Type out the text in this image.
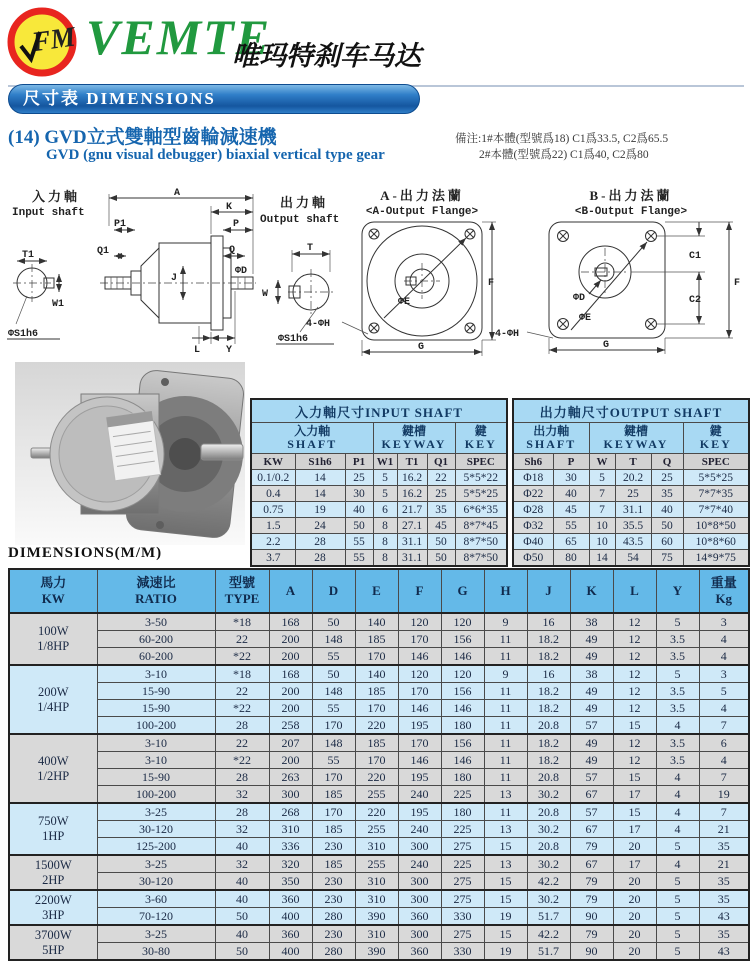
FM VEMTE
唯玛特刹车马达
尺寸表 DIMENSIONS
(14) GVD立式雙軸型齒輪減速機
GVD (gnu visual debugger) biaxial vertical type gear
備注:1#本體(型號爲18) C1爲33.5, C2爲65.5
2#本體(型號爲22) C1爲40, C2爲80
入力軸
Input shaft
T1
W1
ΦS1h6
A
K
P1
Q1
P
Q
J
ΦD
L	Y
出力軸
Output shaft
T
W
ΦS1h6
A-出力法蘭
<A-Output Flange>
ΦE
F
G
4-ΦH
B-出力法蘭
<B-Output Flange>
ΦD
ΦE
C1
C2
F
G
4-ΦH
DIMENSIONS(M/M)
入力軸尺寸INPUT SHAFT						

入力軸
SHAFT

鍵槽
KEYWAY

鍵
KEY

KW	S1h6	P1	W1	T1	Q1	SPEC
0.1/0.2	14	25	5	16.2	22	5*5*22
0.4	14	30	5	16.2	25	5*5*25
0.75	19	40	6	21.7	35	6*6*35
1.5	24	50	8	27.1	45	8*7*45
2.2	28	55	8	31.1	50	8*7*50
3.7	28	55	8	31.1	50	8*7*50
出力軸尺寸OUTPUT SHAFT					

出力軸
SHAFT

鍵槽
KEYWAY

鍵
KEY

Sh6	P	W	T	Q	SPEC
Φ18	30	5	20.2	25	5*5*25
Φ22	40	7	25	35	7*7*35
Φ28	45	7	31.1	40	7*7*40
Φ32	55	10	35.5	50	10*8*50
Φ40	65	10	43.5	60	10*8*60
Φ50	80	14	54	75	14*9*75
馬力
KW

減速比
RATIO

型號
TYPE

A	D	E	F	G	H	J	K	L	Y

重量
Kg

100W
1/8HP	3-50	*18	168	50	140	120	120	9	16	38	12	5	3
	60-200	22	200	148	185	170	156	11	18.2	49	12	3.5	4
	60-200	*22	200	55	170	146	146	11	18.2	49	12	3.5	4

200W
1/4HP	3-10	*18	168	50	140	120	120	9	16	38	12	5	3
	15-90	22	200	148	185	170	156	11	18.2	49	12	3.5	5
	15-90	*22	200	55	170	146	146	11	18.2	49	12	3.5	4
	100-200	28	258	170	220	195	180	11	20.8	57	15	4	7

400W
1/2HP	3-10	22	207	148	185	170	156	11	18.2	49	12	3.5	6
	3-10	*22	200	55	170	146	146	11	18.2	49	12	3.5	4
	15-90	28	263	170	220	195	180	11	20.8	57	15	4	7
	100-200	32	300	185	255	240	225	13	30.2	67	17	4	19

750W
1HP	3-25	28	268	170	220	195	180	11	20.8	57	15	4	7
	30-120	32	310	185	255	240	225	13	30.2	67	17	4	21
	125-200	40	336	230	310	300	275	15	20.8	79	20	5	35

1500W
2HP	3-25	32	320	185	255	240	225	13	30.2	67	17	4	21
	30-120	40	350	230	310	300	275	15	42.2	79	20	5	35

2200W
3HP	3-60	40	360	230	310	300	275	15	30.2	79	20	5	35
	70-120	50	400	280	390	360	330	19	51.7	90	20	5	43

3700W
5HP	3-25	40	360	230	310	300	275	15	42.2	79	20	5	35
	30-80	50	400	280	390	360	330	19	51.7	90	20	5	43
